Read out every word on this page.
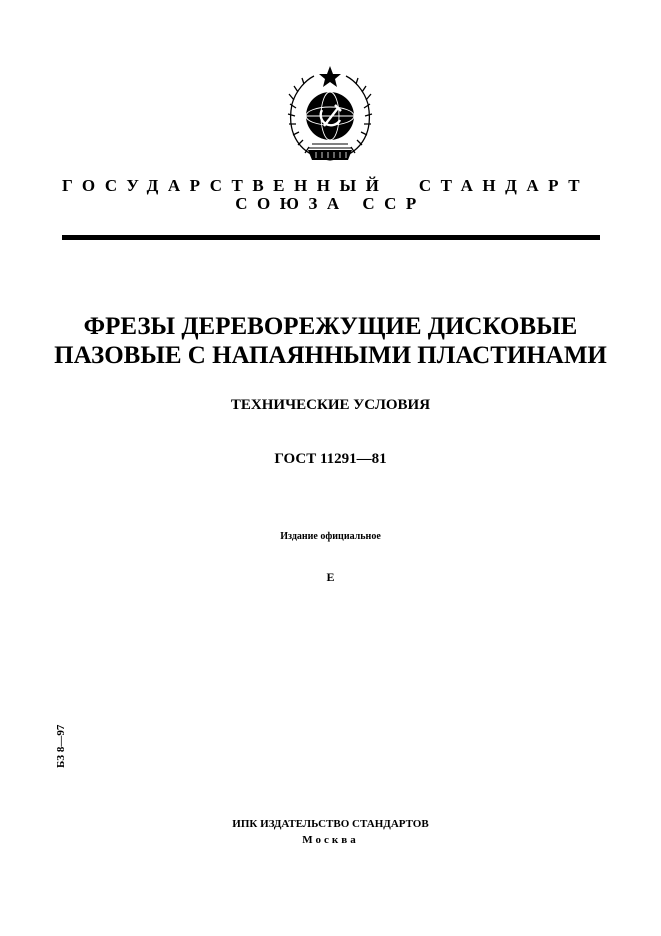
ГОСУДАРСТВЕННЫЙ СТАНДАРТ
СОЮЗА ССР
ФРЕЗЫ ДЕРЕВОРЕЖУЩИЕ ДИСКОВЫЕ
ПАЗОВЫЕ С НАПАЯННЫМИ ПЛАСТИНАМИ
ТЕХНИЧЕСКИЕ УСЛОВИЯ
ГОСТ 11291—81
Издание официальное
Е
БЗ 8—97
ИПК ИЗДАТЕЛЬСТВО СТАНДАРТОВ
Москва
